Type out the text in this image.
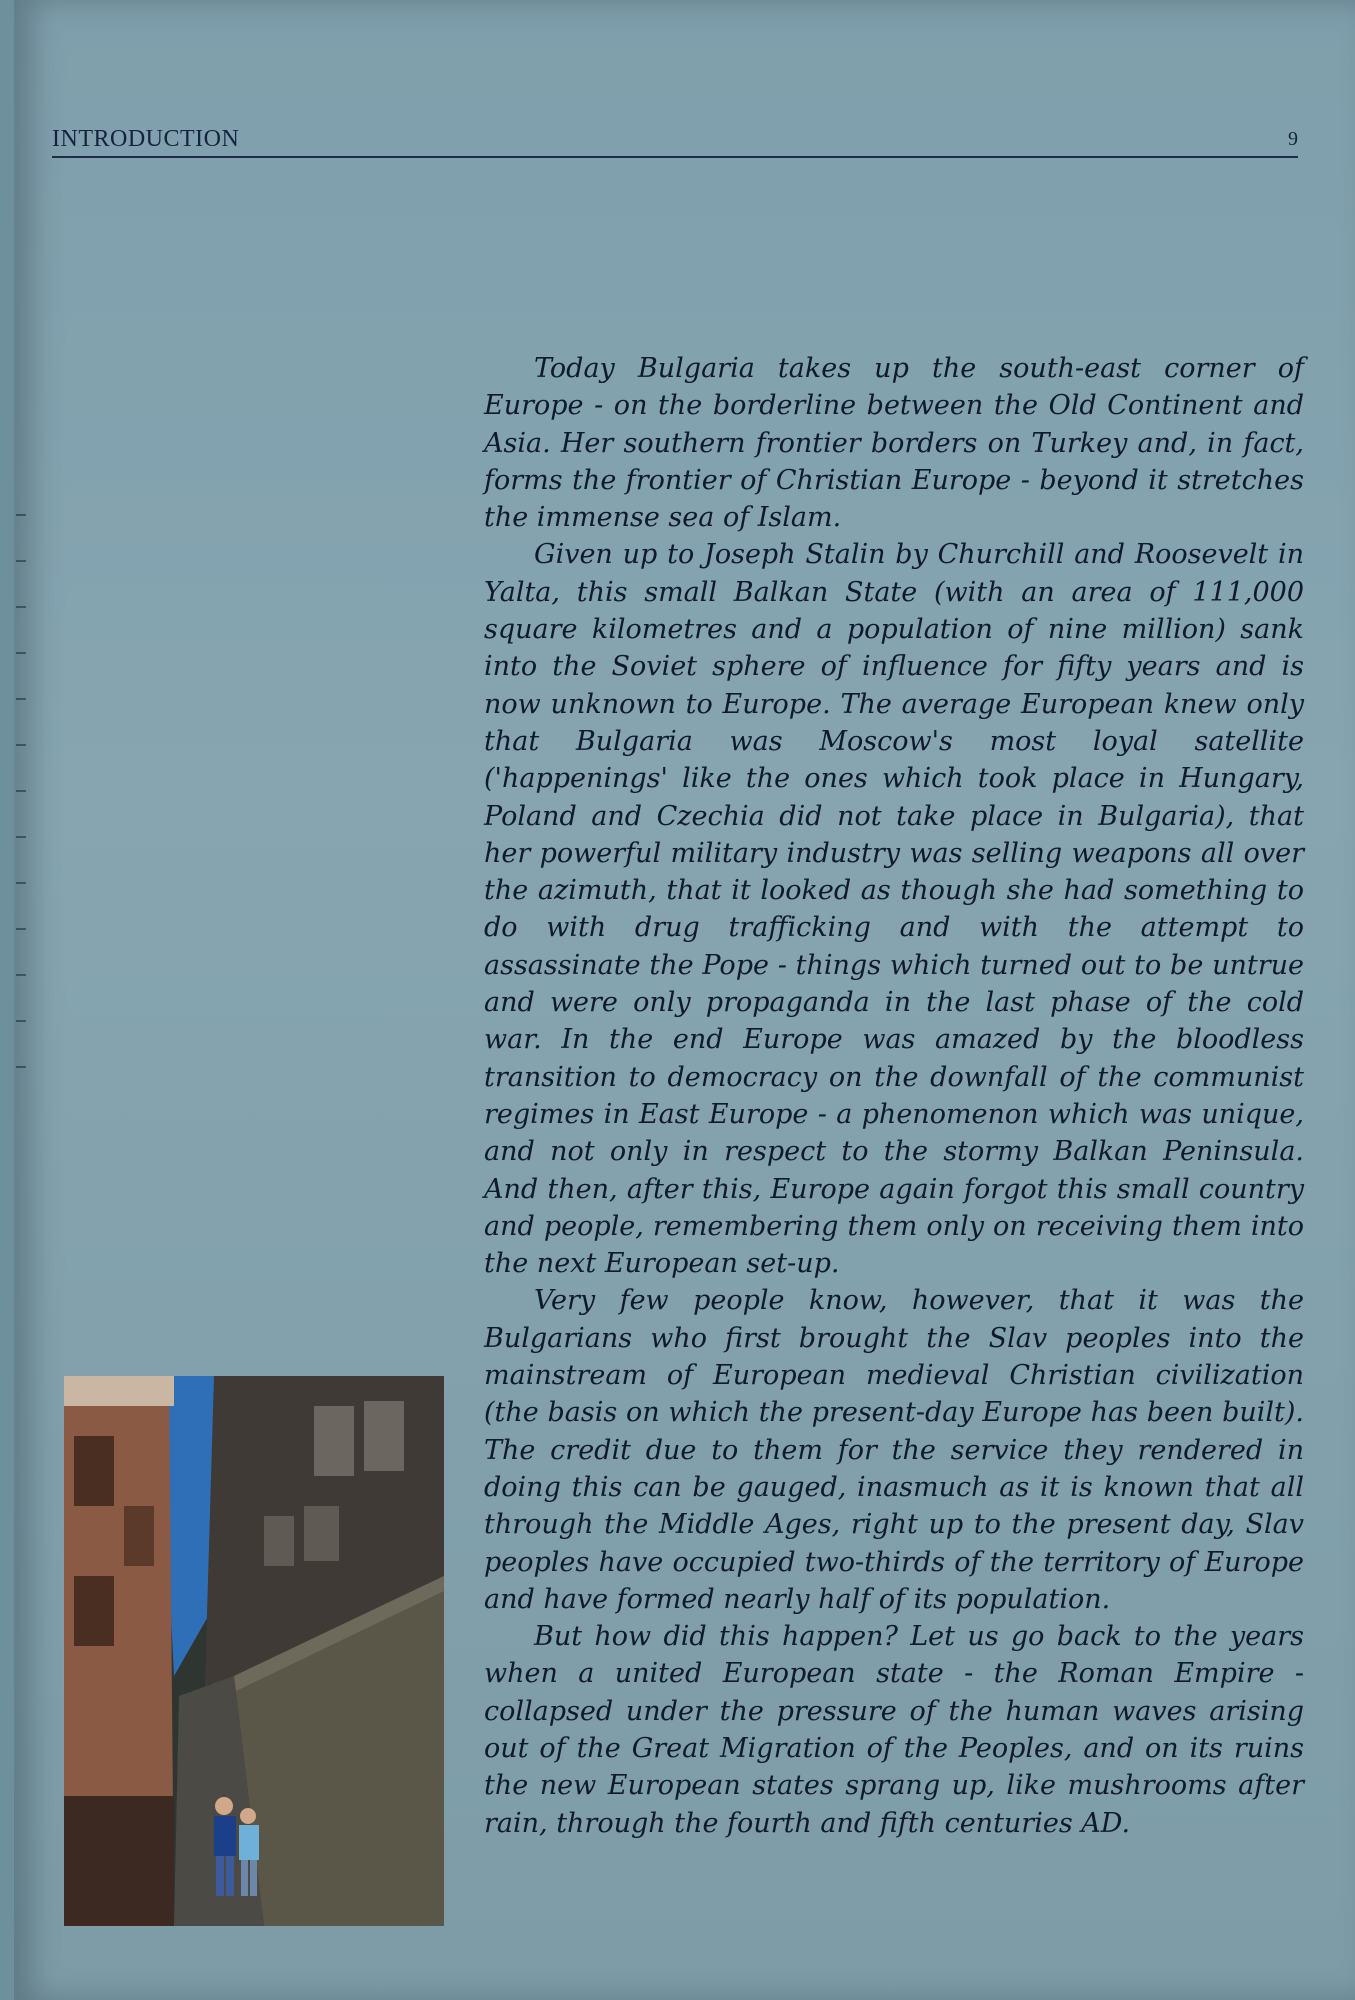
INTRODUCTION	9

Today Bulgaria takes up the south-east corner of Europe - on the borderline between the Old Continent and Asia. Her southern frontier borders on Turkey and, in fact, forms the frontier of Christian Europe - beyond it stretches the immense sea of Islam.

Given up to Joseph Stalin by Churchill and Roosevelt in Yalta, this small Balkan State (with an area of 111,000 square kilometres and a population of nine million) sank into the Soviet sphere of influence for fifty years and is now unknown to Europe. The average European knew only that Bulgaria was Moscow's most loyal satellite ('happenings' like the ones which took place in Hungary, Poland and Czechia did not take place in Bulgaria), that her powerful military industry was selling weapons all over the azimuth, that it looked as though she had something to do with drug trafficking and with the attempt to assassinate the Pope - things which turned out to be untrue and were only propaganda in the last phase of the cold war. In the end Europe was amazed by the bloodless transition to democracy on the downfall of the communist regimes in East Europe - a phenomenon which was unique, and not only in respect to the stormy Balkan Peninsula. And then, after this, Europe again forgot this small country and people, remembering them only on receiving them into the next European set-up.

Very few people know, however, that it was the Bulgarians who first brought the Slav peoples into the mainstream of European medieval Christian civilization (the basis on which the present-day Europe has been built). The credit due to them for the service they rendered in doing this can be gauged, inasmuch as it is known that all through the Middle Ages, right up to the present day, Slav peoples have occupied two-thirds of the territory of Europe and have formed nearly half of its population.

But how did this happen? Let us go back to the years when a united European state - the Roman Empire - collapsed under the pressure of the human waves arising out of the Great Migration of the Peoples, and on its ruins the new European states sprang up, like mushrooms after rain, through the fourth and fifth centuries AD.
